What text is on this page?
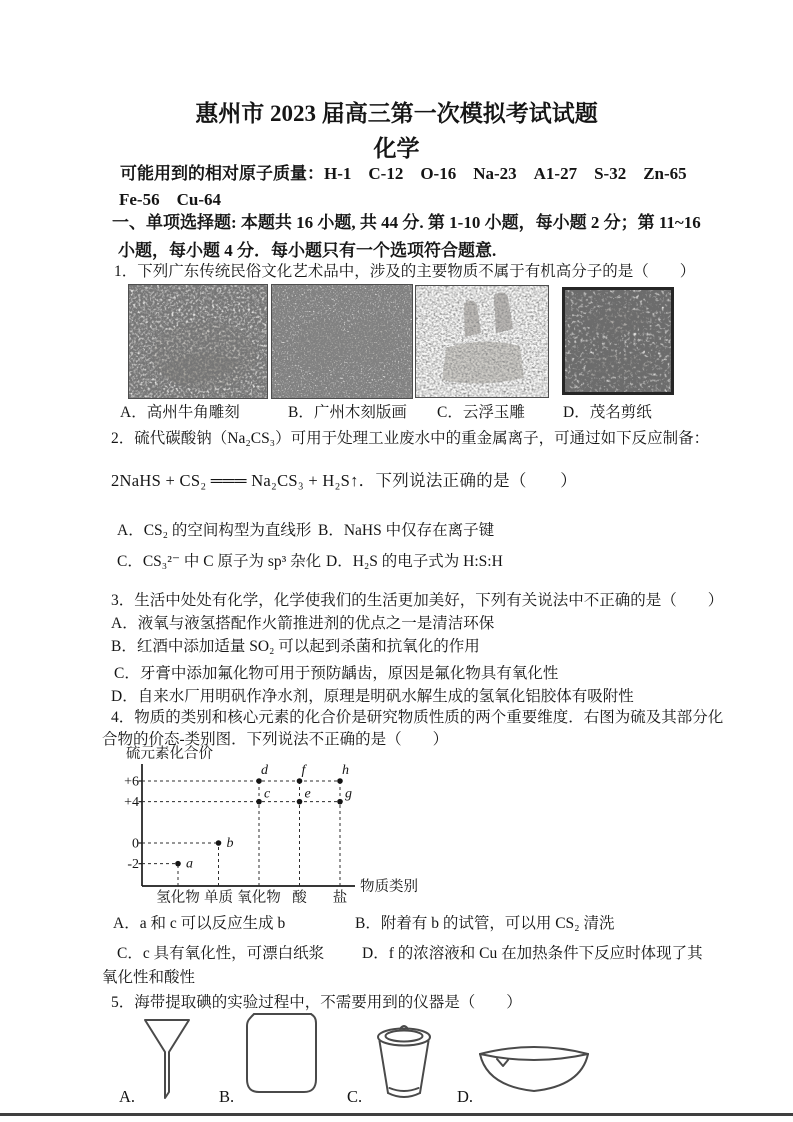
惠州市 2023 届高三第一次模拟考试试题
化学
可能用到的相对原子质量：H-1　C-12　O-16　Na-23　A1-27　S-32　Zn-65
Fe-56　Cu-64
一、单项选择题: 本题共 16 小题, 共 44 分. 第 1-10 小题，每小题 2 分；第 11~16
小题，每小题 4 分．每小题只有一个选项符合题意.
1．下列广东传统民俗文化艺术品中，涉及的主要物质不属于有机高分子的是（　　）
A．高州牛角雕刻	B．广州木刻版画 C．云浮玉雕 D．茂名剪纸
2．硫代碳酸钠（Na₂CS₃）可用于处理工业废水中的重金属离子，可通过如下反应制备：
2NaHS + CS₂ ═══ Na₂CS₃ + H₂S↑．下列说法正确的是（　　）
A．CS₂ 的空间构型为直线形 B．NaHS 中仅存在离子键
C．CS₃²⁻ 中 C 原子为 sp³ 杂化 D．H₂S 的电子式为 H:S:H
3．生活中处处有化学，化学使我们的生活更加美好，下列有关说法中不正确的是（　　）
A．液氧与液氢搭配作火箭推进剂的优点之一是清洁环保
B．红酒中添加适量 SO₂ 可以起到杀菌和抗氧化的作用
C．牙膏中添加氟化物可用于预防龋齿，原因是氟化物具有氧化性
D．自来水厂用明矾作净水剂，原理是明矾水解生成的氢氧化铝胶体有吸附性
4．物质的类别和核心元素的化合价是研究物质性质的两个重要维度．右图为硫及其部分化
合物的价态-类别图．下列说法不正确的是（　　）
硫元素化合价
物质类别
氢化物 单质 氧化物 酸 盐
+6
+4
0
-2	a
b
c
d
e
f
g
h
A．a 和 c 可以反应生成 b	B．附着有 b 的试管，可以用 CS₂ 清洗
C．c 具有氧化性，可漂白纸浆 D．f 的浓溶液和 Cu 在加热条件下反应时体现了其
氧化性和酸性
5．海带提取碘的实验过程中，不需要用到的仪器是（　　）
A.	B.	C.	D.
